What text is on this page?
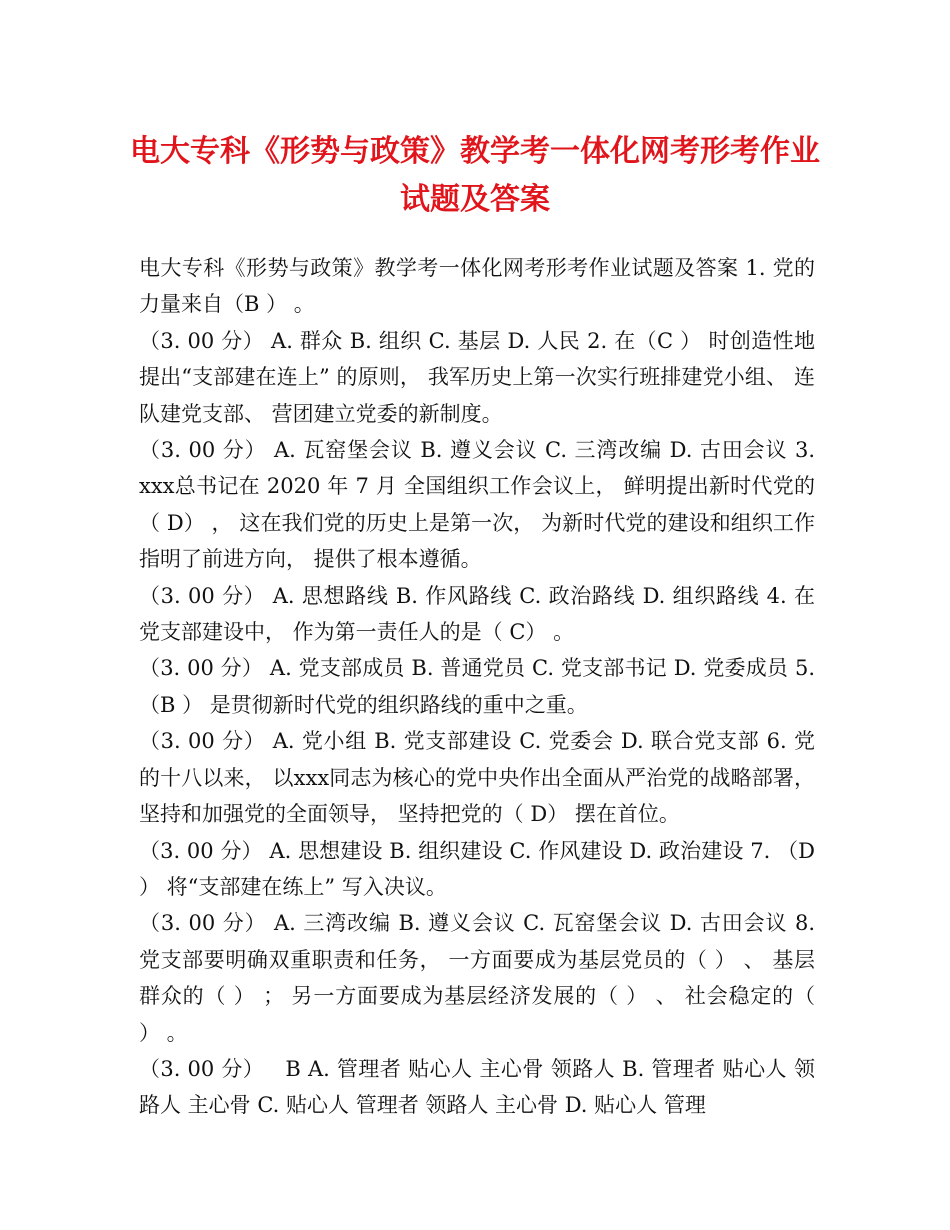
电大专科《形势与政策》教学考一体化网考形考作业试题及答案

电大专科《形势与政策》教学考一体化网考形考作业试题及答案 1. 党的力量来自（B ） 。

（3. 00 分） A. 群众 B. 组织 C. 基层 D. 人民 2. 在（C ） 时创造性地提出“支部建在连上” 的原则， 我军历史上第一次实行班排建党小组、 连队建党支部、 营团建立党委的新制度。

（3. 00 分） A. 瓦窑堡会议 B. 遵义会议 C. 三湾改编 D. 古田会议 3. xxx总书记在 2020 年 7 月 全国组织工作会议上， 鲜明提出新时代党的（ D） ， 这在我们党的历史上是第一次， 为新时代党的建设和组织工作指明了前进方向， 提供了根本遵循。

（3. 00 分） A. 思想路线 B. 作风路线 C. 政治路线 D. 组织路线 4. 在党支部建设中， 作为第一责任人的是（ C） 。

（3. 00 分） A. 党支部成员 B. 普通党员 C. 党支部书记 D. 党委成员 5. （B ） 是贯彻新时代党的组织路线的重中之重。

（3. 00 分） A. 党小组 B. 党支部建设 C. 党委会 D. 联合党支部 6. 党的十八以来， 以xxx同志为核心的党中央作出全面从严治党的战略部署， 坚持和加强党的全面领导， 坚持把党的（ D） 摆在首位。

（3. 00 分） A. 思想建设 B. 组织建设 C. 作风建设 D. 政治建设 7. （D ） 将“支部建在练上” 写入决议。

（3. 00 分） A. 三湾改编 B. 遵义会议 C. 瓦窑堡会议 D. 古田会议 8. 党支部要明确双重职责和任务， 一方面要成为基层党员的（ ） 、 基层群众的（ ） ； 另一方面要成为基层经济发展的（ ） 、 社会稳定的（ ） 。

（3. 00 分）   B A. 管理者 贴心人 主心骨 领路人 B. 管理者 贴心人 领路人 主心骨 C. 贴心人 管理者 领路人 主心骨 D. 贴心人 管理
